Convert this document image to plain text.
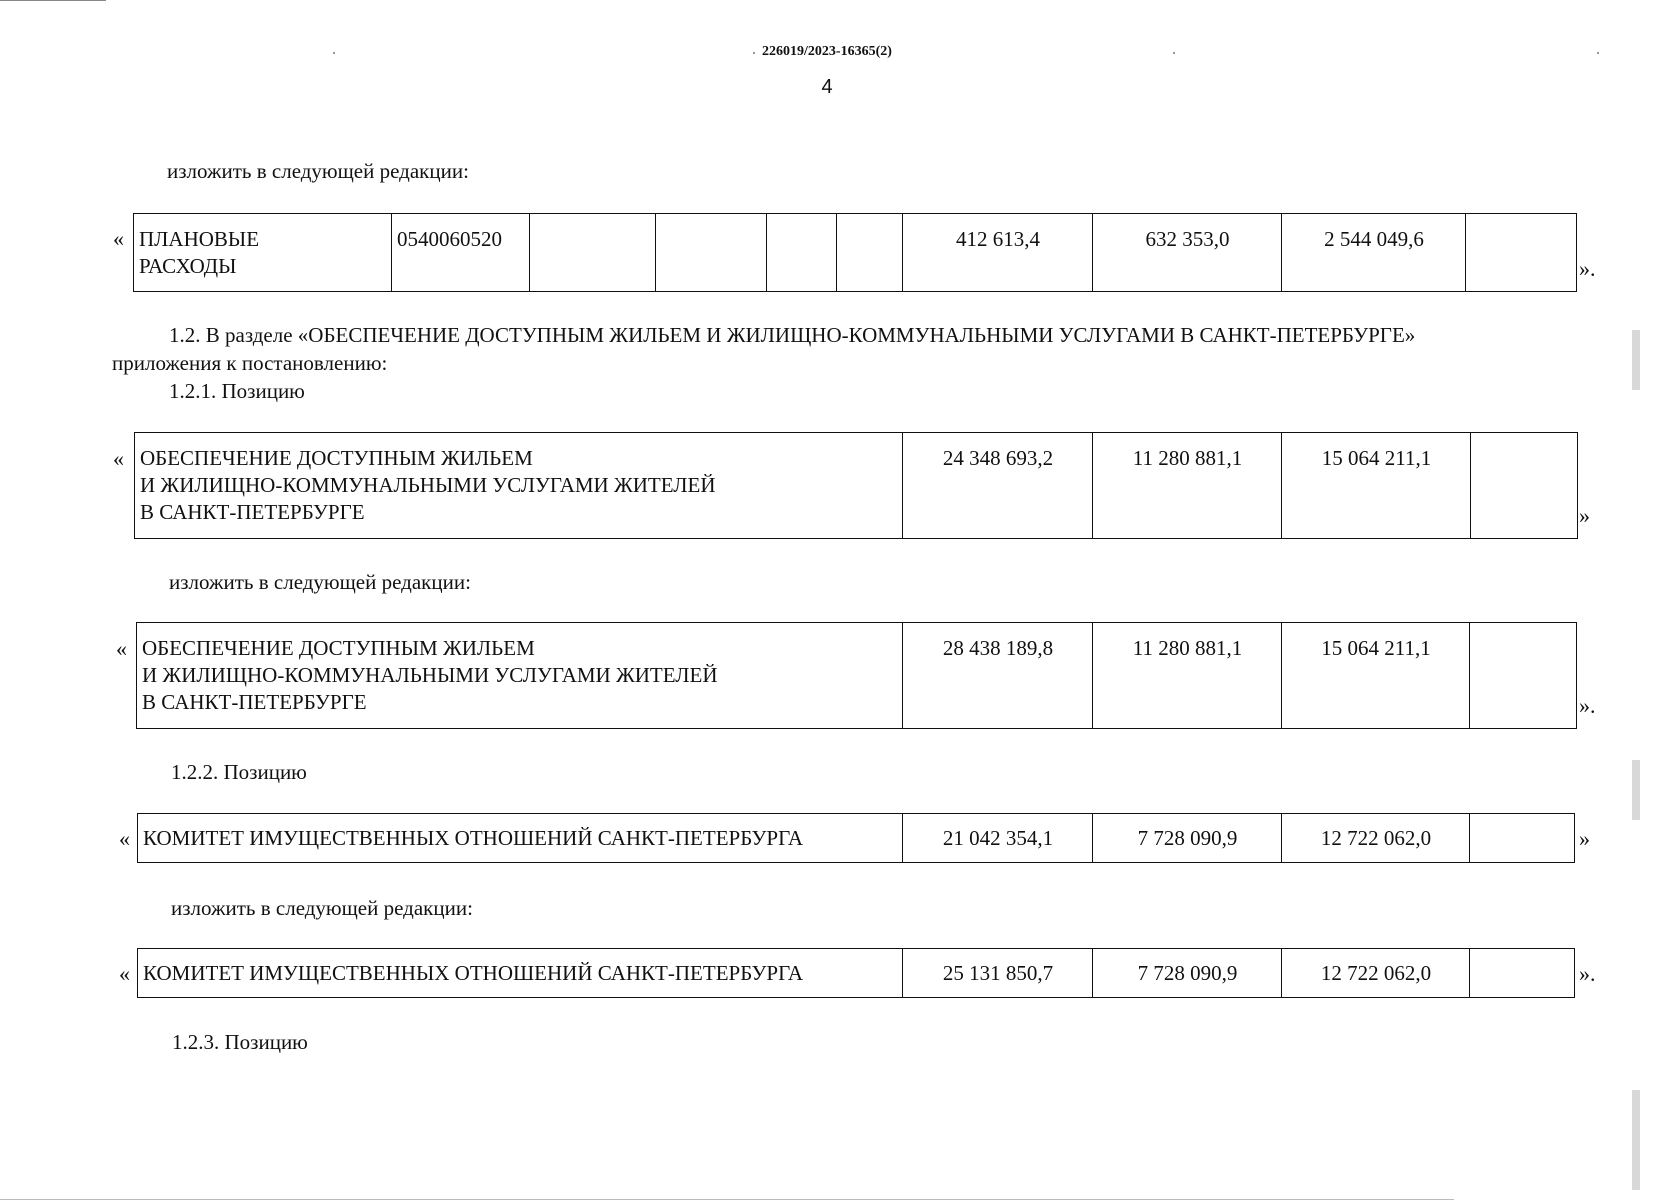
226019/2023-16365(2)
4
изложить в следующей редакции:
« ПЛАНОВЫЕ
РАСХОДЫ	0540060520					412 613,4	632 353,0	2 544 049,6	
».
1.2. В разделе «ОБЕСПЕЧЕНИЕ ДОСТУПНЫМ ЖИЛЬЕМ И ЖИЛИЩНО-КОММУНАЛЬНЫМИ УСЛУГАМИ В САНКТ-ПЕТЕРБУРГЕ»
приложения к постановлению:
1.2.1. Позицию
« ОБЕСПЕЧЕНИЕ ДОСТУПНЫМ ЖИЛЬЕМ
И ЖИЛИЩНО-КОММУНАЛЬНЫМИ УСЛУГАМИ ЖИТЕЛЕЙ
В САНКТ-ПЕТЕРБУРГЕ	24 348 693,2	11 280 881,1	15 064 211,1	
»
изложить в следующей редакции:
« ОБЕСПЕЧЕНИЕ ДОСТУПНЫМ ЖИЛЬЕМ
И ЖИЛИЩНО-КОММУНАЛЬНЫМИ УСЛУГАМИ ЖИТЕЛЕЙ
В САНКТ-ПЕТЕРБУРГЕ	28 438 189,8	11 280 881,1	15 064 211,1	
».
1.2.2. Позицию
« КОМИТЕТ ИМУЩЕСТВЕННЫХ ОТНОШЕНИЙ САНКТ-ПЕТЕРБУРГА	21 042 354,1	7 728 090,9	12 722 062,0		»
изложить в следующей редакции:
« КОМИТЕТ ИМУЩЕСТВЕННЫХ ОТНОШЕНИЙ САНКТ-ПЕТЕРБУРГА	25 131 850,7	7 728 090,9	12 722 062,0		».
1.2.3. Позицию
